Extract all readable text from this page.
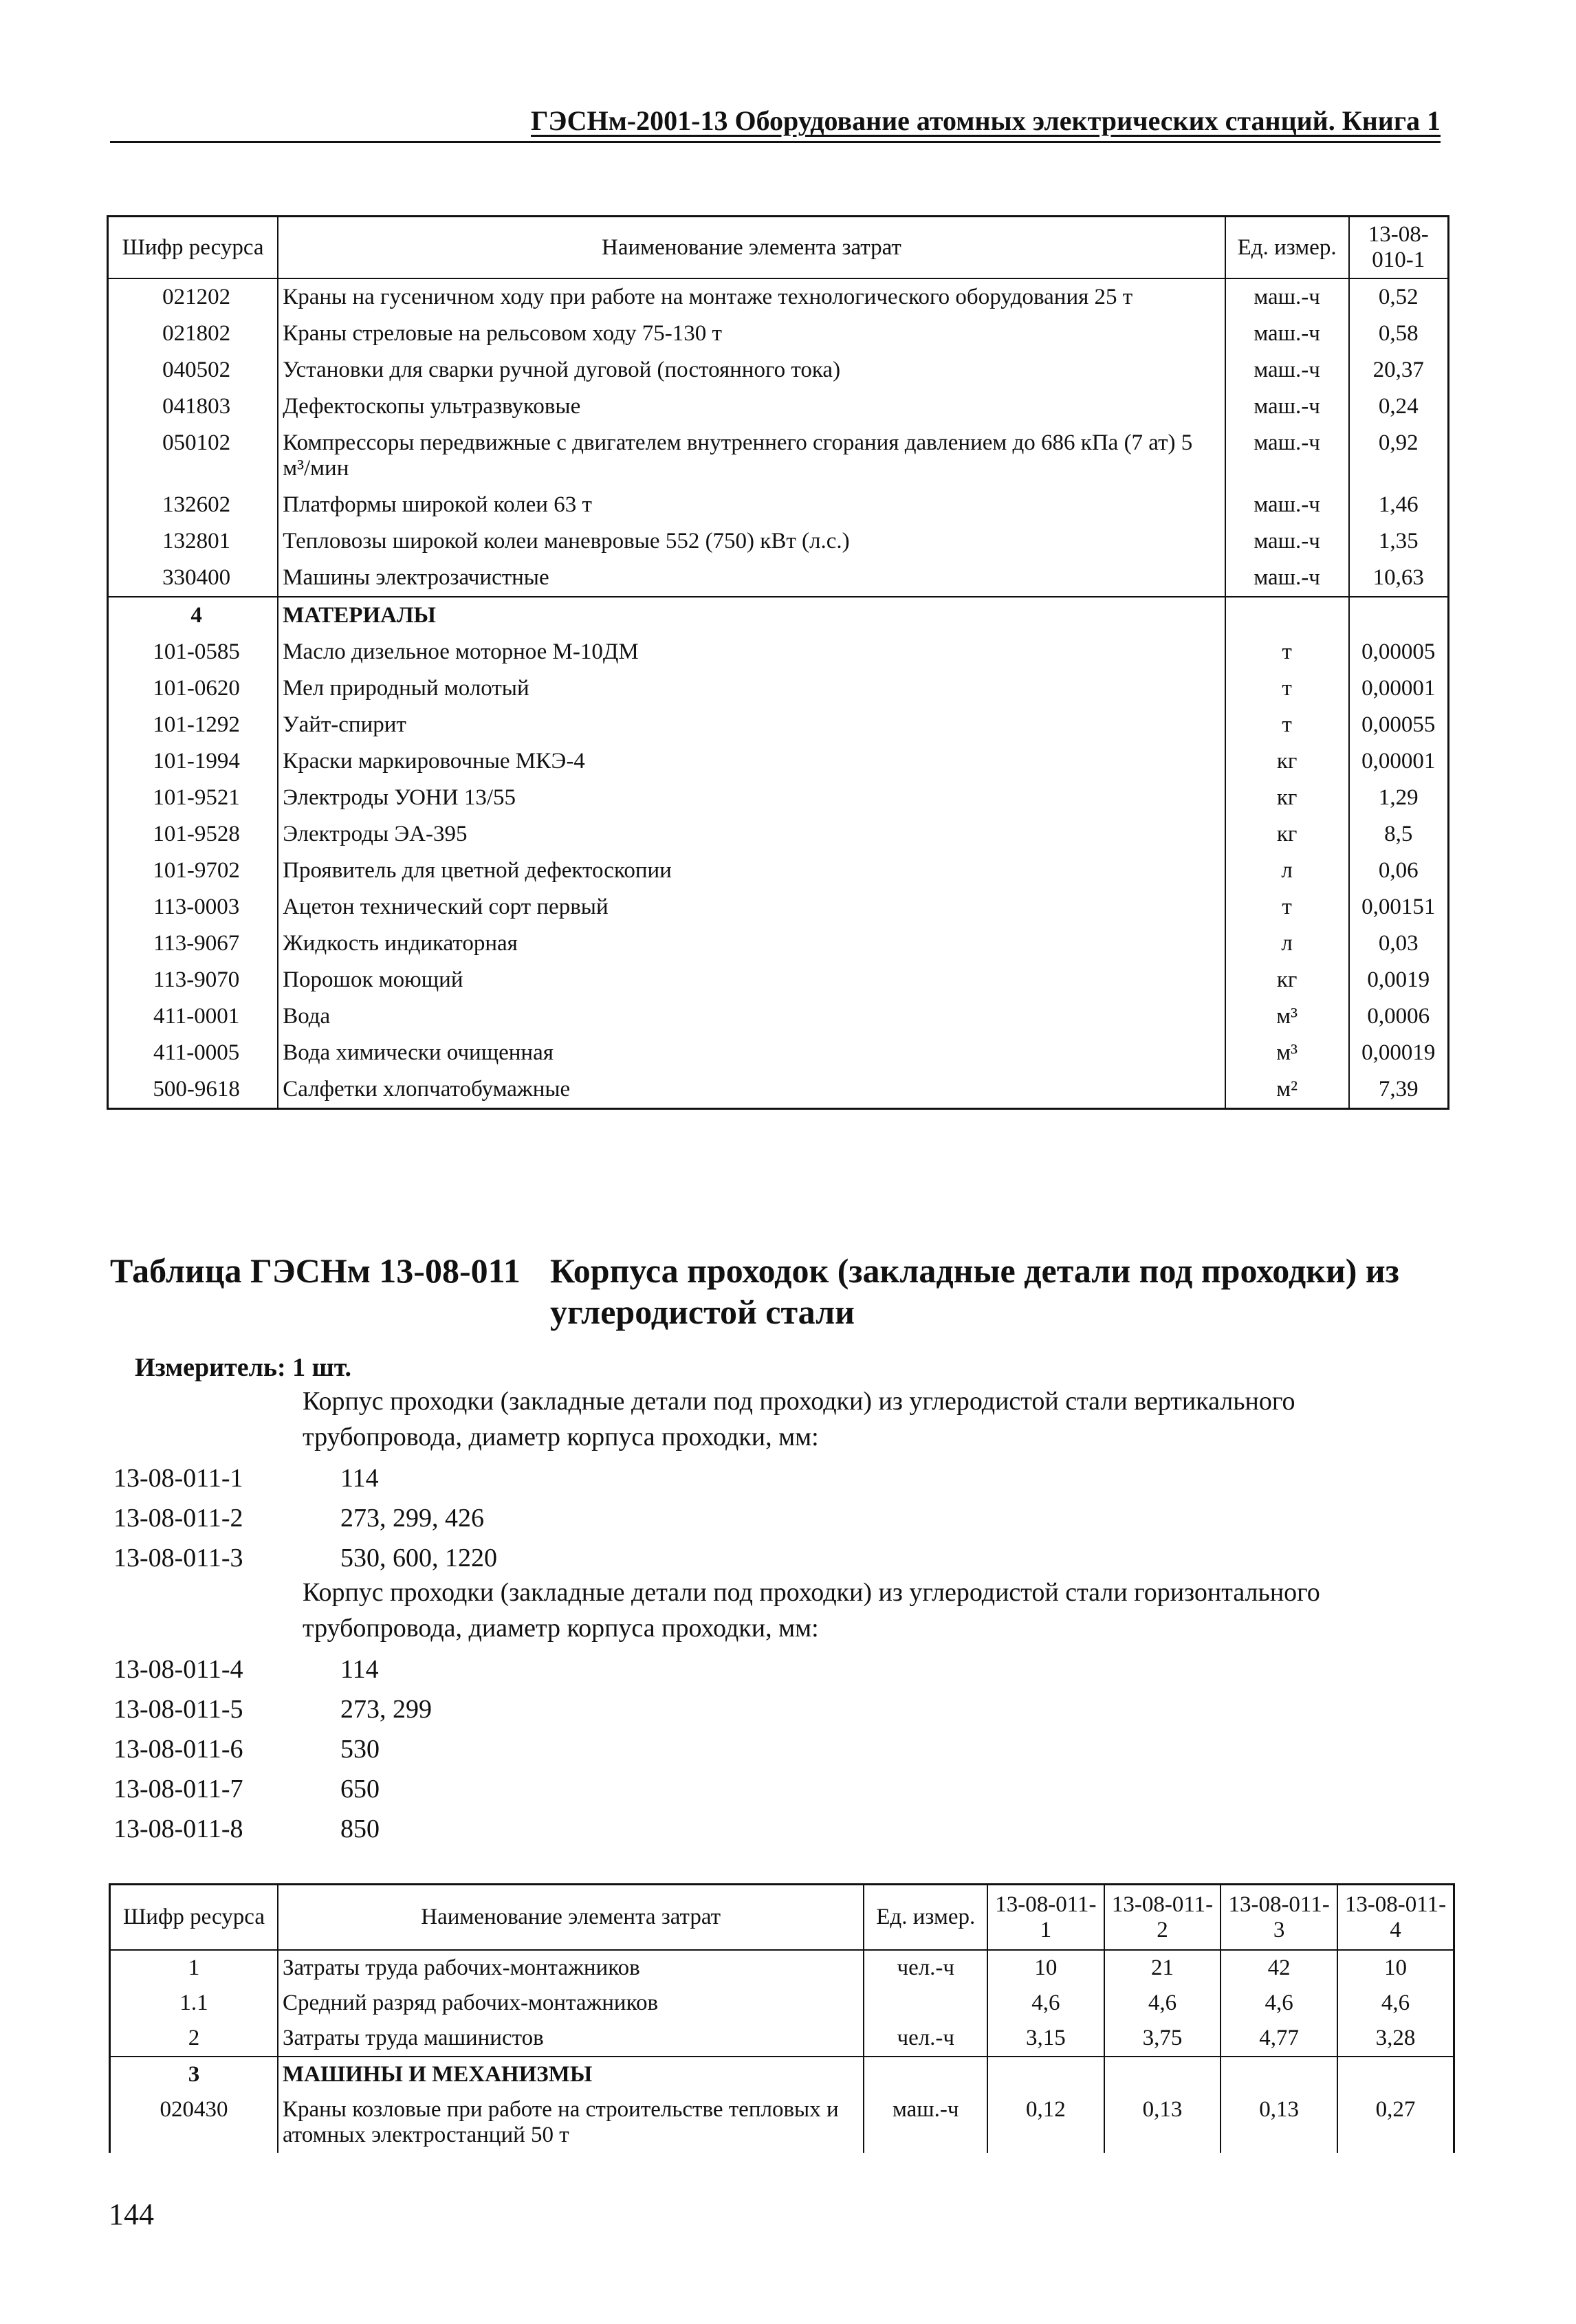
ГЭСНм-2001-13 Оборудование атомных электрических станций. Книга 1
Шифр ресурса	Наименование элемента затрат	Ед. измер.	13-08-010-1
021202	Краны на гусеничном ходу при работе на монтаже технологического оборудования 25 т	маш.-ч	0,52
021802	Краны стреловые на рельсовом ходу 75-130 т	маш.-ч	0,58
040502	Установки для сварки ручной дуговой (постоянного тока)	маш.-ч	20,37
041803	Дефектоскопы ультразвуковые	маш.-ч	0,24
050102	Компрессоры передвижные с двигателем внутреннего сгорания давлением до 686 кПа (7 ат) 5 м³/мин	маш.-ч	0,92
132602	Платформы широкой колеи 63 т	маш.-ч	1,46
132801	Тепловозы широкой колеи маневровые 552 (750) кВт (л.с.)	маш.-ч	1,35
330400	Машины электрозачистные	маш.-ч	10,63
4	МАТЕРИАЛЫ		
101-0585	Масло дизельное моторное М-10ДМ	т	0,00005
101-0620	Мел природный молотый	т	0,00001
101-1292	Уайт-спирит	т	0,00055
101-1994	Краски маркировочные МКЭ-4	кг	0,00001
101-9521	Электроды УОНИ 13/55	кг	1,29
101-9528	Электроды ЭА-395	кг	8,5
101-9702	Проявитель для цветной дефектоскопии	л	0,06
113-0003	Ацетон технический сорт первый	т	0,00151
113-9067	Жидкость индикаторная	л	0,03
113-9070	Порошок моющий	кг	0,0019
411-0001	Вода	м³	0,0006
411-0005	Вода химически очищенная	м³	0,00019
500-9618	Салфетки хлопчатобумажные	м²	7,39
Таблица ГЭСНм 13-08-011 Корпуса проходок (закладные детали под проходки) из углеродистой стали
Измеритель: 1 шт.
Корпус проходки (закладные детали под проходки) из углеродистой стали вертикального трубопровода, диаметр корпуса проходки, мм:
13-08-011-1	114
13-08-011-2	273, 299, 426
13-08-011-3	530, 600, 1220
Корпус проходки (закладные детали под проходки) из углеродистой стали горизонтального трубопровода, диаметр корпуса проходки, мм:
13-08-011-4	114
13-08-011-5	273, 299
13-08-011-6	530
13-08-011-7	650
13-08-011-8	850
Шифр ресурса	Наименование элемента затрат	Ед. измер.	13-08-011-1	13-08-011-2	13-08-011-3	13-08-011-4
1	Затраты труда рабочих-монтажников	чел.-ч	10	21	42	10
1.1	Средний разряд рабочих-монтажников		4,6	4,6	4,6	4,6
2	Затраты труда машинистов	чел.-ч	3,15	3,75	4,77	3,28
3	МАШИНЫ И МЕХАНИЗМЫ					
020430	Краны козловые при работе на строительстве тепловых и атомных электростанций 50 т	маш.-ч	0,12	0,13	0,13	0,27
144
